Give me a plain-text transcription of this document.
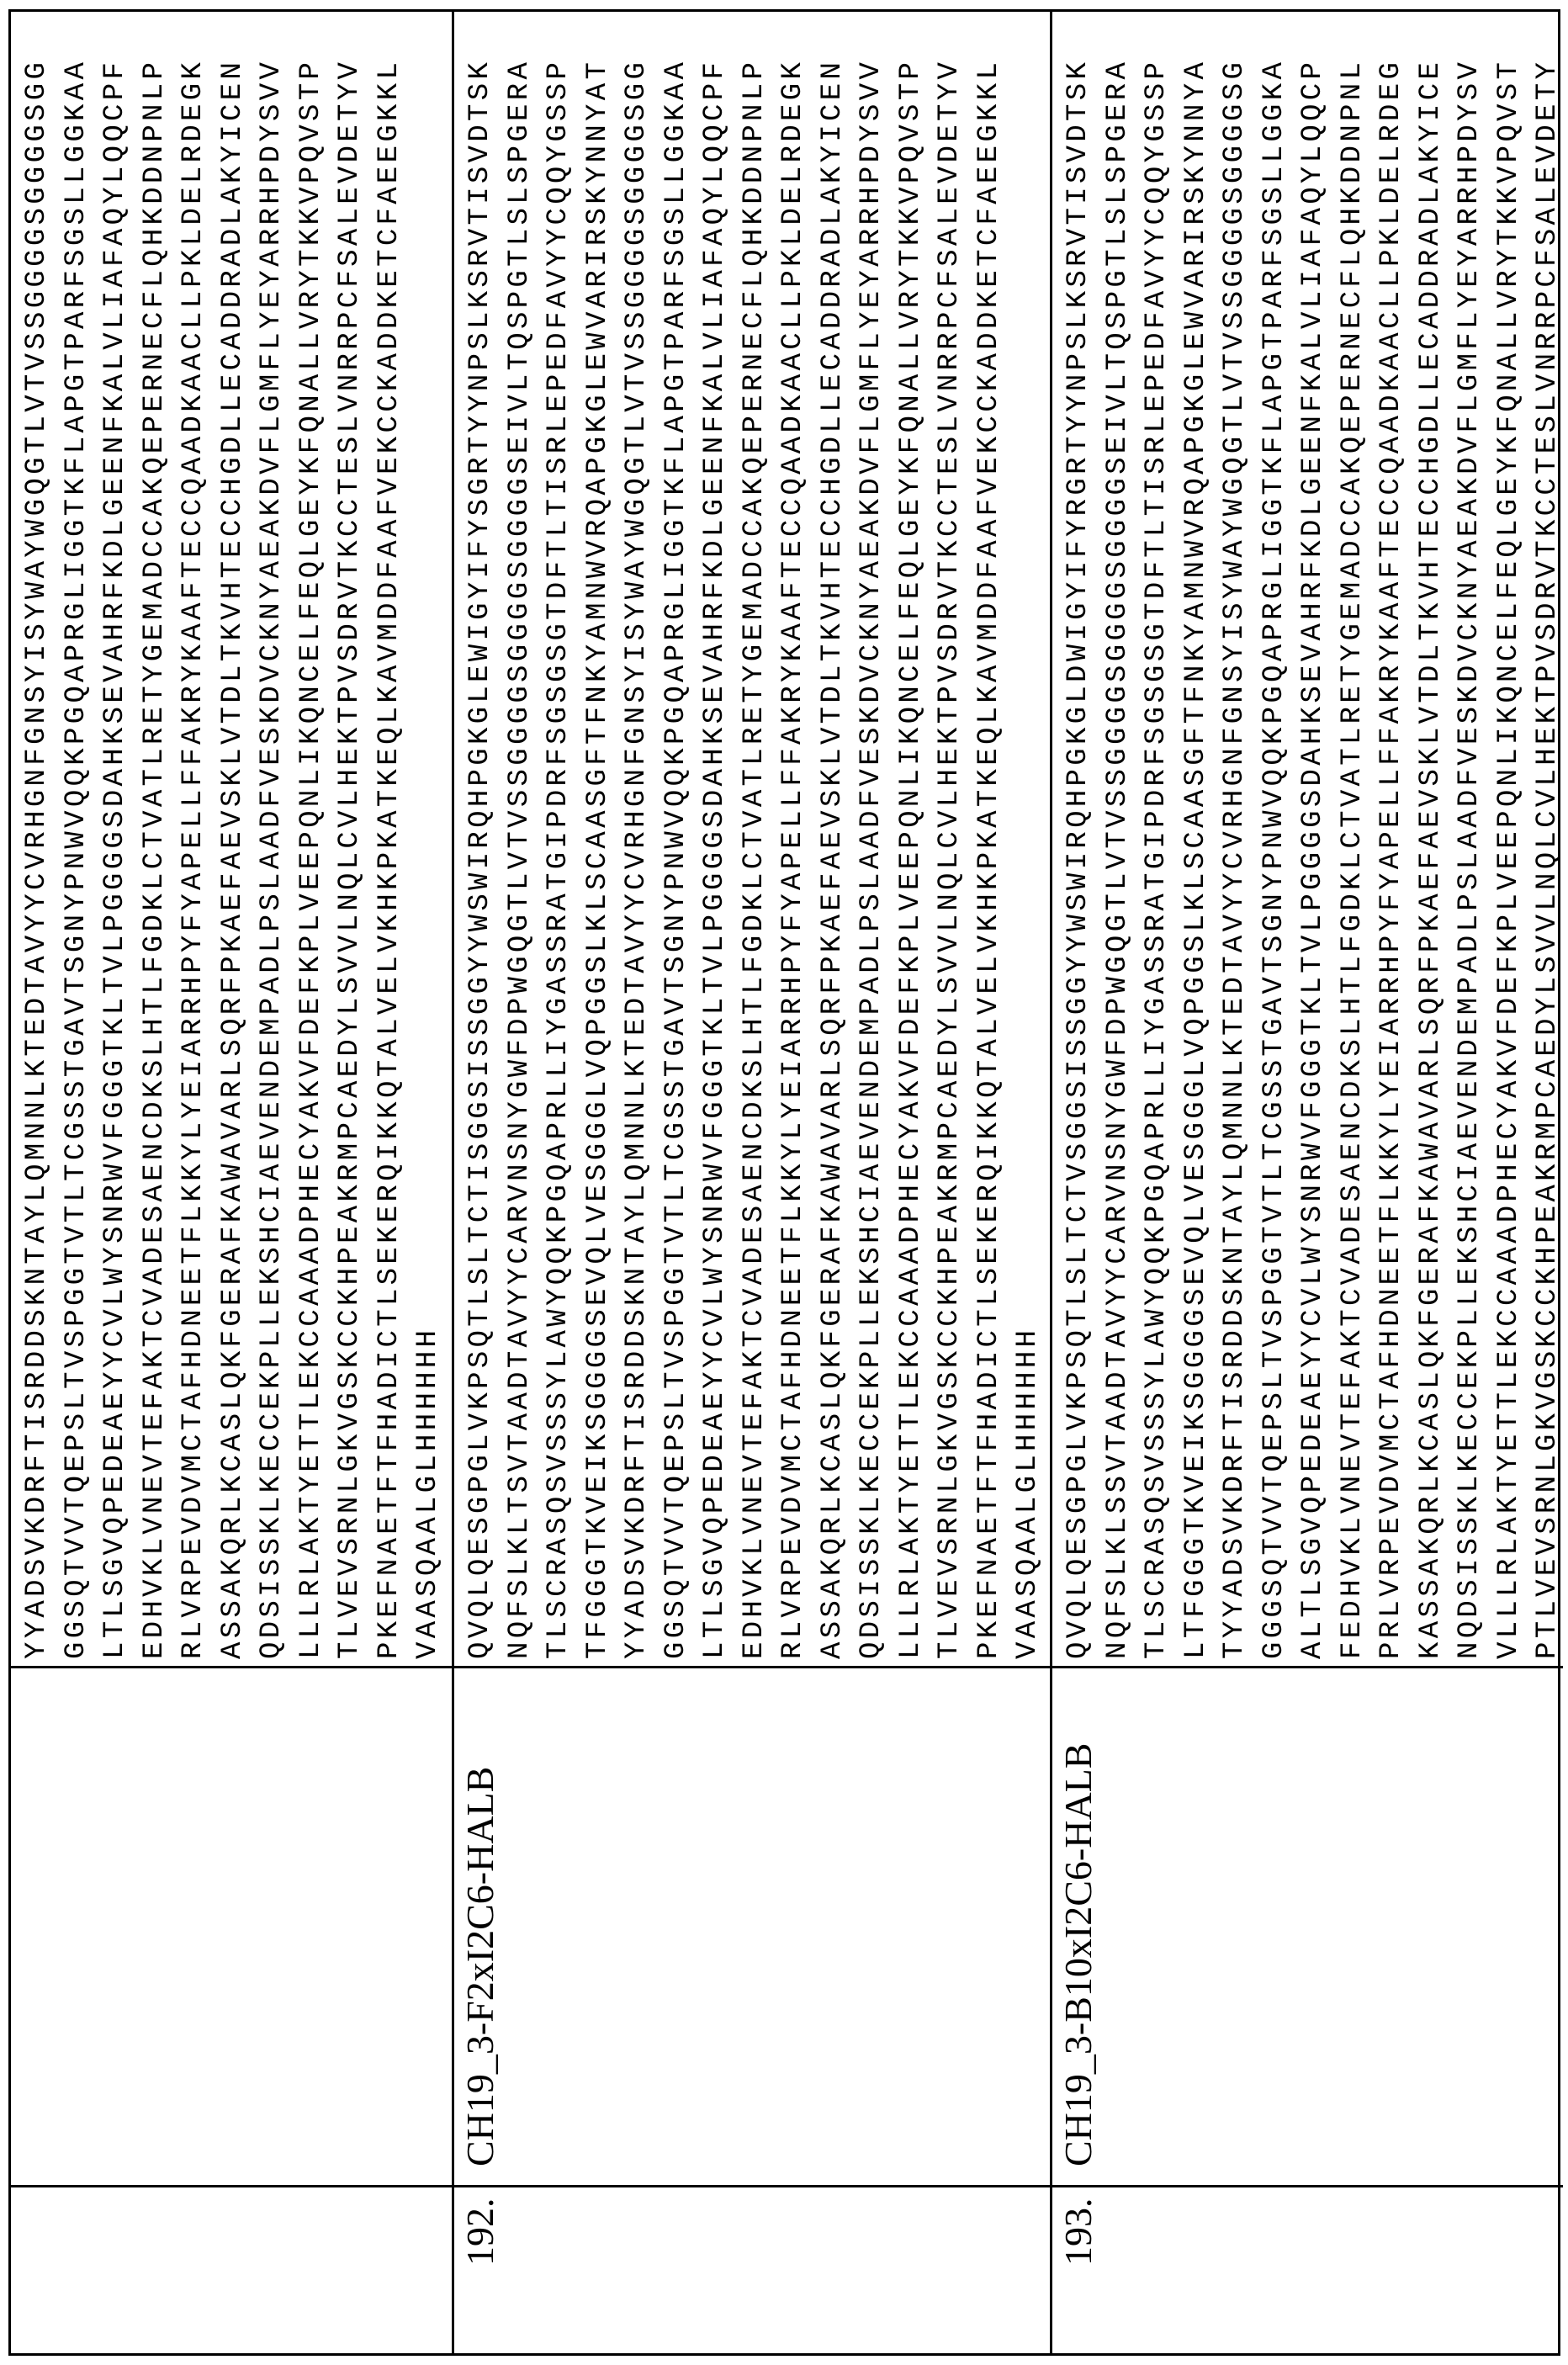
YYADSVKDRFTISRDDSKNTAYLQMNNLKTEDTAVYYCVRHGNFGNSYISYWAYWGQGTLVTVSSGGGGSGGGGSGG GGSQTVVTQEPSLTVSPGGTVTLTCGSSTGAVTSGNYPNWVQQKPGQAPRGLIGGTKFLAPGTPARFSGSLLGGKAA LTLSGVQPEDEAEYYCVLWYSNRWVFGGGTKLTVLPGGGGSDAHKSEVAHRFKDLGEENFKALVLIAFAQYLQQCPF EDHVKLVNEVTEFAKTCVADESAENCDKSLHTLFGDKLCTVATLRETYGEMADCCAKQEPERNECFLQHKDDNPNLP RLVRPEVDVMCTAFHDNEETFLKKYLYEIARRHPYFYAPELLFFAKRYKAAFTECCQAADKAACLLPKLDELRDEGK ASSAKQRLKCASLQKFGERAFKAWAVARLSQRFPKAEFAEVSKLVTDLTKVHTECCHGDLLECADDRADLAKYICEN QDSISSKLKECCEKPLLEKSHCIAEVENDEMPADLPSLAADFVESKDVCKNYAEAKDVFLGMFLYEYARRHPDYSVV LLLRLAKTYETTLEKCCAAADPHECYAKVFDEFKPLVEEPQNLIKQNCELFEQLGEYKFQNALLVRYTKKVPQVSTP TLVEVSRNLGKVGSKCCKHPEAKRMPCAEDYLSVVLNQLCVLHEKTPVSDRVTKCCTESLVNRRPCFSALEVDETYV PKEFNAETFTFHADICTLSEKERQIKKQTALVELVKHKPKATKEQLKAVMDDFAAFVEKCCKADDKETCFAEEGKKL VAASQAALGLHHHHHH
192.
CH19_3-F2xI2C6-HALB
QVQLQESGPGLVKPSQTLSLTCTISGGSISSGGYYWSWIRQHPGKGLEWIGYIFYSGRTYYNPSLKSRVTISVDTSK NQFSLKLTSVTAADTAVYYCARVNSNYGWFDPWGQGTLVTVSSGGGGSGGGGSGGGGSEIVLTQSPGTLSLSPGERA TLSCRASQSVSSSYLAWYQQKPGQAPRLLIYGASSRATGIPDRFSGSGSGTDFTLTISRLEPEDFAVYYCQQYGSSP TFGGGTKVEIKSGGGGSEVQLVESGGGLVQPGGSLKLSCAASGFTFNKYAMNWVRQAPGKGLEWVARIRSKYNNYAT YYADSVKDRFTISRDDSKNTAYLQMNNLKTEDTAVYYCVRHGNFGNSYISYWAYWGQGTLVTVSSGGGGSGGGGSGG GGSQTVVTQEPSLTVSPGGTVTLTCGSSTGAVTSGNYPNWVQQKPGQAPRGLIGGTKFLAPGTPARFSGSLLGGKAA LTLSGVQPEDEAEYYCVLWYSNRWVFGGGTKLTVLPGGGGSDAHKSEVAHRFKDLGEENFKALVLIAFAQYLQQCPF EDHVKLVNEVTEFAKTCVADESAENCDKSLHTLFGDKLCTVATLRETYGEMADCCAKQEPERNECFLQHKDDNPNLP RLVRPEVDVMCTAFHDNEETFLKKYLYEIARRHPYFYAPELLFFAKRYKAAFTECCQAADKAACLLPKLDELRDEGK ASSAKQRLKCASLQKFGERAFKAWAVARLSQRFPKAEFAEVSKLVTDLTKVHTECCHGDLLECADDRADLAKYICEN QDSISSKLKECCEKPLLEKSHCIAEVENDEMPADLPSLAADFVESKDVCKNYAEAKDVFLGMFLYEYARRHPDYSVV LLLRLAKTYETTLEKCCAAADPHECYAKVFDEFKPLVEEPQNLIKQNCELFEQLGEYKFQNALLVRYTKKVPQVSTP TLVEVSRNLGKVGSKCCKHPEAKRMPCAEDYLSVVLNQLCVLHEKTPVSDRVTKCCTESLVNRRPCFSALEVDETYV PKEFNAETFTFHADICTLSEKERQIKKQTALVELVKHKPKATKEQLKAVMDDFAAFVEKCCKADDKETCFAEEGKKL VAASQAALGLHHHHHH
193.
CH19_3-B10xI2C6-HALB
QVQLQESGPGLVKPSQTLSLTCTVSGGSISSGGYYWSWIRQHPGKGLDWIGYIFYRGRTYYNPSLKSRVTISVDTSK NQFSLKLSSVTAADTAVYYCARVNSNYGWFDPWGQGTLVTVSSGGGGSGGGGSGGGGSEIVLTQSPGTLSLSPGERA TLSCRASQSVSSSYLAWYQQKPGQAPRLLIYGASSRATGIPDRFSGSGSGTDFTLTISRLEPEDFAVYYCQQYGSSP LTFGGGTKVEIKSGGGGSEVQLVESGGGLVQPGGSLKLSCAASGFTFNKYAMNWVRQAPGKGLEWVARIRSKYNNYA TYYADSVKDRFTISRDDSKNTAYLQMNNLKTEDTAVYYCVRHGNFGNSYISYWAYWGQGTLVTVSSGGGGSGGGGSG GGGSQTVVTQEPSLTVSPGGTVTLTCGSSTGAVTSGNYPNWVQQKPGQAPRGLIGGTKFLAPGTPARFSGSLLGGKA ALTLSGVQPEDEAEYYCVLWYSNRWVFGGGTKLTVLPGGGGSDAHKSEVAHRFKDLGEENFKALVLIAFAQYLQQCP FEDHVKLVNEVTEFAKTCVADESAENCDKSLHTLFGDKLCTVATLRETYGEMADCCAKQEPERNECFLQHKDDNPNL PRLVRPEVDVMCTAFHDNEETFLKKYLYEIARRHPYFYAPELLFFAKRYKAAFTECCQAADKAACLLPKLDELRDEG KASSAKQRLKCASLQKFGERAFKAWAVARLSQRFPKAEFAEVSKLVTDLTKVHTECCHGDLLECADDRADLAKYICE NQDSISSKLKECCEKPLLEKSHCIAEVENDEMPADLPSLAADFVESKDVCKNYAEAKDVFLGMFLYEYARRHPDYSV VLLLRLAKTYETTLEKCCAAADPHECYAKVFDEFKPLVEEPQNLIKQNCELFEQLGEYKFQNALLVRYTKKVPQVST PTLVEVSRNLGKVGSKCCKHPEAKRMPCAEDYLSVVLNQLCVLHEKTPVSDRVTKCCTESLVNRRPCFSALEVDETY
